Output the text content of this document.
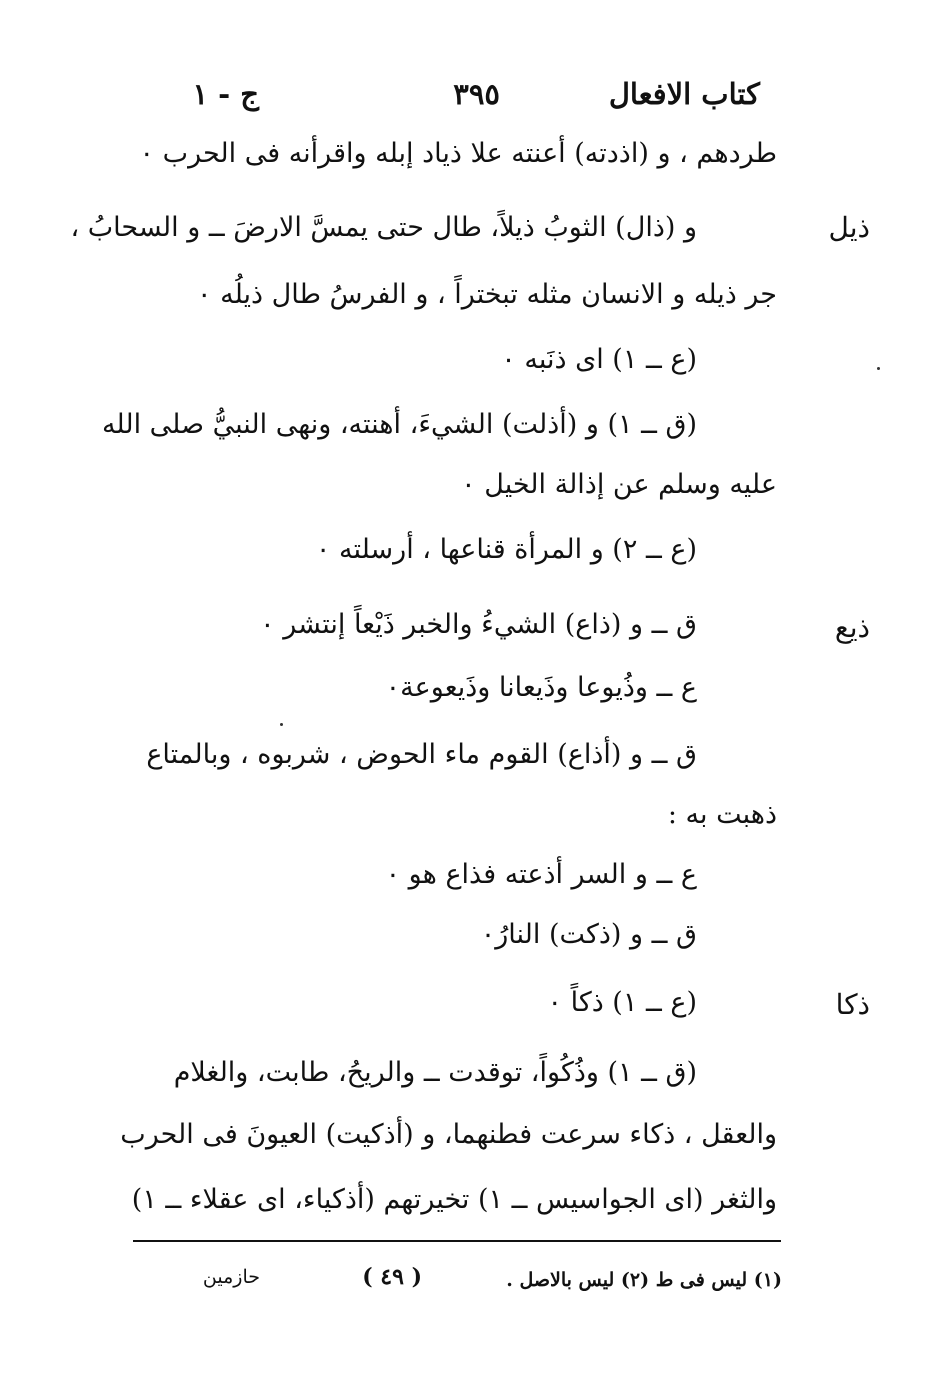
كتاب الافعال
٣٩٥
ج - ١
طردهم ، و (اذدته) أعنته علا ذياد إبله واقرأنه فى الحرب ٠
ذيل
و (ذال) الثوبُ ذيلاً، طال حتى يمسَّ الارضَ ــ و السحابُ ،
جر ذيله و الانسان مثله تبختراً ، و الفرسُ طال ذيلُه ٠
(ع ــ ١) اى ذنَبه ٠
(ق ــ ١) و (أذلت) الشيءَ، أهنته، ونهى النبيُّ صلى الله
عليه وسلم عن إذالة الخيل ٠
(ع ــ ٢) و المرأة قناعها ، أرسلته ٠
ذيع
ق ــ و (ذاع) الشيءُ والخبر ذَيْعاً إنتشر ٠
ع ــ وذُيوعا وذَيعانا وذَيعوعة٠
ق ــ و (أذاع) القوم ماء الحوض ، شربوه ، وبالمتاع
ذهبت به :
ع ــ و السر أذعته فذاع هو ٠
ق ــ و (ذكت) النارُ٠
ذكا
(ع ــ ١) ذكاً ٠
(ق ــ ١) وذُكُواً، توقدت ــ والريحُ، طابت، والغلام
والعقل ، ذكاء سرعت فطنهما، و (أذكيت) العيونَ فى الحرب
والثغر (اى الجواسيس ــ ١) تخيرتهم (أذكياء، اى عقلاء ــ ١)
(١) ليس فى ط (٢) ليس بالاصل .
( ٤٩ )
حازمين
